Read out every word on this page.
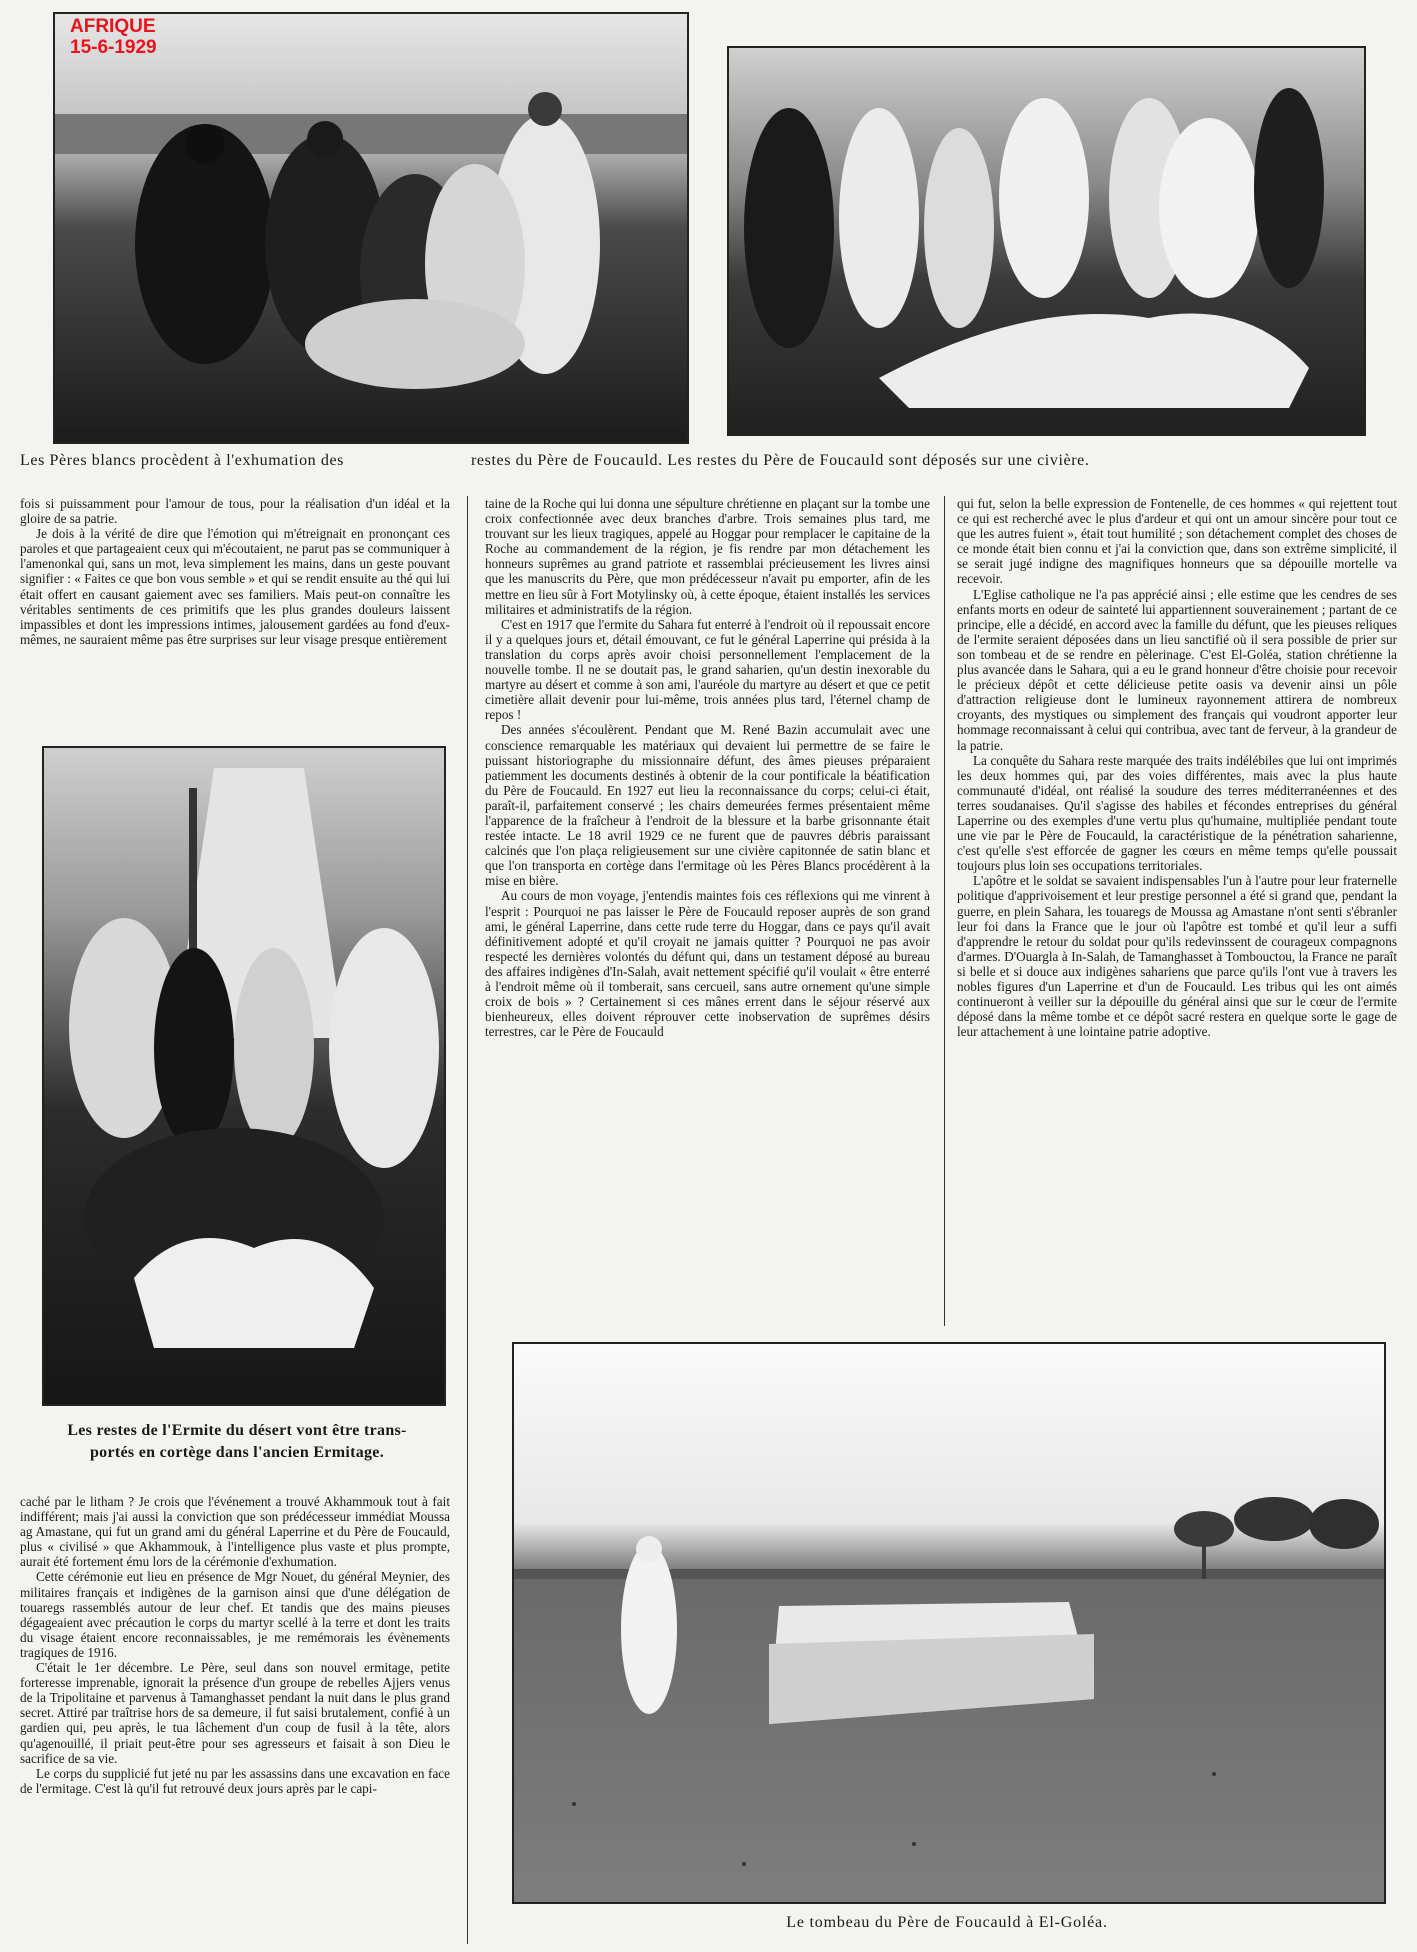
AFRIQUE
15-6-1929
Les Pères blancs procèdent à l'exhumation des	restes du Père de Foucauld. Les restes du Père de Foucauld sont déposés sur une civière.

fois si puissamment pour l'amour de tous, pour la réalisation d'un idéal et la gloire de sa patrie.

Je dois à la vérité de dire que l'émotion qui m'étreignait en prononçant ces paroles et que partageaient ceux qui m'écoutaient, ne parut pas se communiquer à l'amenonkal qui, sans un mot, leva simplement les mains, dans un geste pouvant signifier : « Faites ce que bon vous semble » et qui se rendit ensuite au thé qui lui était offert en causant gaiement avec ses familiers. Mais peut-on connaître les véritables sentiments de ces primitifs que les plus grandes douleurs laissent impassibles et dont les impressions intimes, jalousement gardées au fond d'eux-mêmes, ne sauraient même pas être surprises sur leur visage presque entièrement

Les restes de l'Ermite du désert vont être trans-
portés en cortège dans l'ancien Ermitage.

caché par le litham ? Je crois que l'événement a trouvé Akhammouk tout à fait indifférent; mais j'ai aussi la conviction que son prédécesseur immédiat Moussa ag Amastane, qui fut un grand ami du général Laperrine et du Père de Foucauld, plus « civilisé » que Akhammouk, à l'intelligence plus vaste et plus prompte, aurait été fortement ému lors de la cérémonie d'exhumation.

Cette cérémonie eut lieu en présence de Mgr Nouet, du général Meynier, des militaires français et indigènes de la garnison ainsi que d'une délégation de touaregs rassemblés autour de leur chef. Et tandis que des mains pieuses dégageaient avec précaution le corps du martyr scellé à la terre et dont les traits du visage étaient encore reconnaissables, je me remémorais les évènements tragiques de 1916.

C'était le 1er décembre. Le Père, seul dans son nouvel ermitage, petite forteresse imprenable, ignorait la présence d'un groupe de rebelles Ajjers venus de la Tripolitaine et parvenus à Tamanghasset pendant la nuit dans le plus grand secret. Attiré par traîtrise hors de sa demeure, il fut saisi brutalement, confié à un gardien qui, peu après, le tua lâchement d'un coup de fusil à la tête, alors qu'agenouillé, il priait peut-être pour ses agresseurs et faisait à son Dieu le sacrifice de sa vie.

Le corps du supplicié fut jeté nu par les assassins dans une excavation en face de l'ermitage. C'est là qu'il fut retrouvé deux jours après par le capi-

taine de la Roche qui lui donna une sépulture chrétienne en plaçant sur la tombe une croix confectionnée avec deux branches d'arbre. Trois semaines plus tard, me trouvant sur les lieux tragiques, appelé au Hoggar pour remplacer le capitaine de la Roche au commandement de la région, je fis rendre par mon détachement les honneurs suprêmes au grand patriote et rassemblai précieusement les livres ainsi que les manuscrits du Père, que mon prédécesseur n'avait pu emporter, afin de les mettre en lieu sûr à Fort Motylinsky où, à cette époque, étaient installés les services militaires et administratifs de la région.

C'est en 1917 que l'ermite du Sahara fut enterré à l'endroit où il repoussait encore il y a quelques jours et, détail émouvant, ce fut le général Laperrine qui présida à la translation du corps après avoir choisi personnellement l'emplacement de la nouvelle tombe. Il ne se doutait pas, le grand saharien, qu'un destin inexorable du martyre au désert et comme à son ami, l'auréole du martyre au désert et que ce petit cimetière allait devenir pour lui-même, trois années plus tard, l'éternel champ de repos !

Des années s'écoulèrent. Pendant que M. René Bazin accumulait avec une conscience remarquable les matériaux qui devaient lui permettre de se faire le puissant historiographe du missionnaire défunt, des âmes pieuses préparaient patiemment les documents destinés à obtenir de la cour pontificale la béatification du Père de Foucauld. En 1927 eut lieu la reconnaissance du corps; celui-ci était, paraît-il, parfaitement conservé ; les chairs demeurées fermes présentaient même l'apparence de la fraîcheur à l'endroit de la blessure et la barbe grisonnante était restée intacte. Le 18 avril 1929 ce ne furent que de pauvres débris paraissant calcinés que l'on plaça religieusement sur une civière capitonnée de satin blanc et que l'on transporta en cortège dans l'ermitage où les Pères Blancs procédèrent à la mise en bière.

Au cours de mon voyage, j'entendis maintes fois ces réflexions qui me vinrent à l'esprit : Pourquoi ne pas laisser le Père de Foucauld reposer auprès de son grand ami, le général Laperrine, dans cette rude terre du Hoggar, dans ce pays qu'il avait définitivement adopté et qu'il croyait ne jamais quitter ? Pourquoi ne pas avoir respecté les dernières volontés du défunt qui, dans un testament déposé au bureau des affaires indigènes d'In-Salah, avait nettement spécifié qu'il voulait « être enterré à l'endroit même où il tomberait, sans cercueil, sans autre ornement qu'une simple croix de bois » ? Certainement si ces mânes errent dans le séjour réservé aux bienheureux, elles doivent réprouver cette inobservation de suprêmes désirs terrestres, car le Père de Foucauld

qui fut, selon la belle expression de Fontenelle, de ces hommes « qui rejettent tout ce qui est recherché avec le plus d'ardeur et qui ont un amour sincère pour tout ce que les autres fuient », était tout humilité ; son détachement complet des choses de ce monde était bien connu et j'ai la conviction que, dans son extrême simplicité, il se serait jugé indigne des magnifiques honneurs que sa dépouille mortelle va recevoir.

L'Eglise catholique ne l'a pas apprécié ainsi ; elle estime que les cendres de ses enfants morts en odeur de sainteté lui appartiennent souverainement ; partant de ce principe, elle a décidé, en accord avec la famille du défunt, que les pieuses reliques de l'ermite seraient déposées dans un lieu sanctifié où il sera possible de prier sur son tombeau et de se rendre en pèlerinage. C'est El-Goléa, station chrétienne la plus avancée dans le Sahara, qui a eu le grand honneur d'être choisie pour recevoir le précieux dépôt et cette délicieuse petite oasis va devenir ainsi un pôle d'attraction religieuse dont le lumineux rayonnement attirera de nombreux croyants, des mystiques ou simplement des français qui voudront apporter leur hommage reconnaissant à celui qui contribua, avec tant de ferveur, à la grandeur de la patrie.

La conquête du Sahara reste marquée des traits indélébiles que lui ont imprimés les deux hommes qui, par des voies différentes, mais avec la plus haute communauté d'idéal, ont réalisé la soudure des terres méditerranéennes et des terres soudanaises. Qu'il s'agisse des habiles et fécondes entreprises du général Laperrine ou des exemples d'une vertu plus qu'humaine, multipliée pendant toute une vie par le Père de Foucauld, la caractéristique de la pénétration saharienne, c'est qu'elle s'est efforcée de gagner les cœurs en même temps qu'elle poussait toujours plus loin ses occupations territoriales.

L'apôtre et le soldat se savaient indispensables l'un à l'autre pour leur fraternelle politique d'apprivoisement et leur prestige personnel a été si grand que, pendant la guerre, en plein Sahara, les touaregs de Moussa ag Amastane n'ont senti s'ébranler leur foi dans la France que le jour où l'apôtre est tombé et qu'il leur a suffi d'apprendre le retour du soldat pour qu'ils redevinssent de courageux compagnons d'armes. D'Ouargla à In-Salah, de Tamanghasset à Tombouctou, la France ne paraît si belle et si douce aux indigènes sahariens que parce qu'ils l'ont vue à travers les nobles figures d'un Laperrine et d'un de Foucauld. Les tribus qui les ont aimés continueront à veiller sur la dépouille du général ainsi que sur le cœur de l'ermite déposé dans la même tombe et ce dépôt sacré restera en quelque sorte le gage de leur attachement à une lointaine patrie adoptive.

Le tombeau du Père de Foucauld à El-Goléa.
